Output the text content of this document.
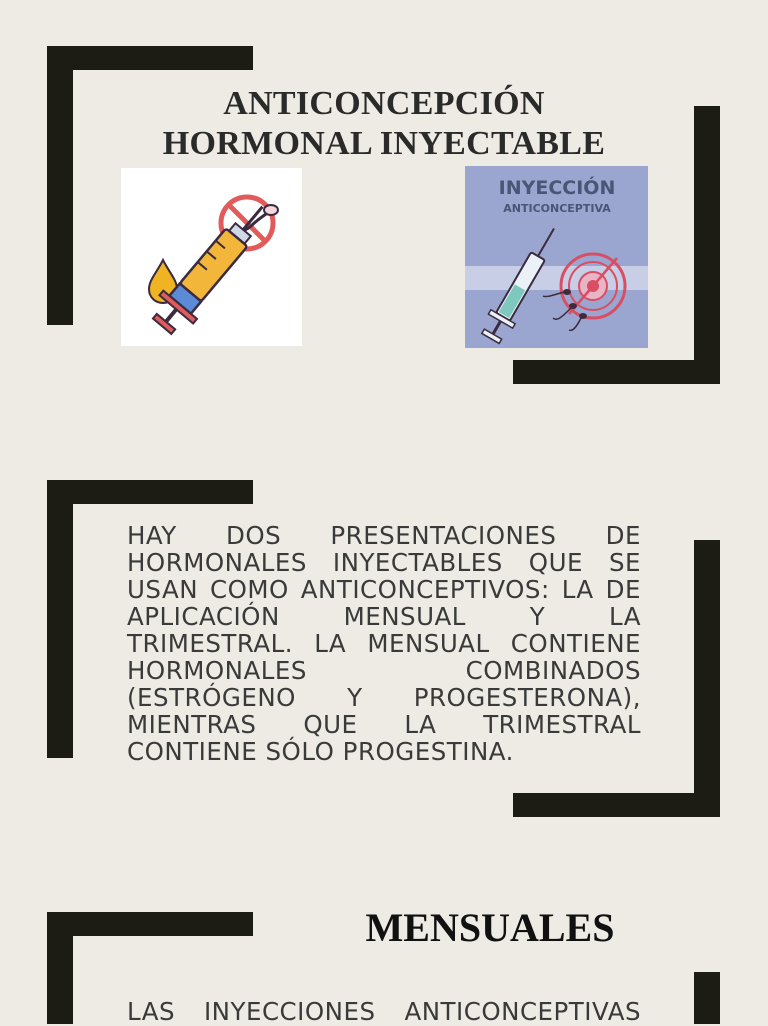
ANTICONCEPCIÓN
HORMONAL INYECTABLE
INYECCIÓN
ANTICONCEPTIVA

HAY DOS PRESENTACIONES DE HORMONALES INYECTABLES QUE SE USAN COMO ANTICONCEPTIVOS: LA DE APLICACIÓN MENSUAL Y LA TRIMESTRAL. LA MENSUAL CONTIENE HORMONALES COMBINADOS (ESTRÓGENO Y PROGESTERONA), MIENTRAS QUE LA TRIMESTRAL CONTIENE SÓLO PROGESTINA.

MENSUALES

LAS INYECCIONES ANTICONCEPTIVAS
